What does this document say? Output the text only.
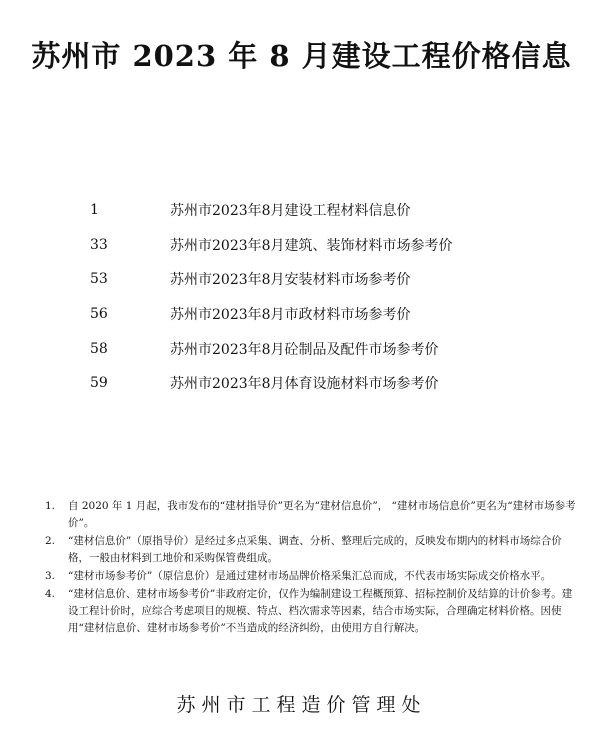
苏州市 2023 年 8 月建设工程价格信息
1	苏州市2023年8月建设工程材料信息价
33	苏州市2023年8月建筑、装饰材料市场参考价
53	苏州市2023年8月安装材料市场参考价
56	苏州市2023年8月市政材料市场参考价
58	苏州市2023年8月砼制品及配件市场参考价
59	苏州市2023年8月体育设施材料市场参考价
1.	自 2020 年 1 月起，我市发布的“建材指导价”更名为“建材信息价”， “建材市场信息价”更名为“建材市场参考价”。
2.	“建材信息价”（原指导价）是经过多点采集、调查、分析、整理后完成的，反映发布期内的材料市场综合价格，一般由材料到工地价和采购保管费组成。
3.	“建材市场参考价”（原信息价）是通过建材市场品牌价格采集汇总而成，不代表市场实际成交价格水平。
4.	“建材信息价、建材市场参考价”非政府定价，仅作为编制建设工程概预算、招标控制价及结算的计价参考。建设工程计价时，应综合考虑项目的规模、特点、档次需求等因素，结合市场实际，合理确定材料价格。因使用“建材信息价、建材市场参考价”不当造成的经济纠纷，由使用方自行解决。
苏州市工程造价管理处
